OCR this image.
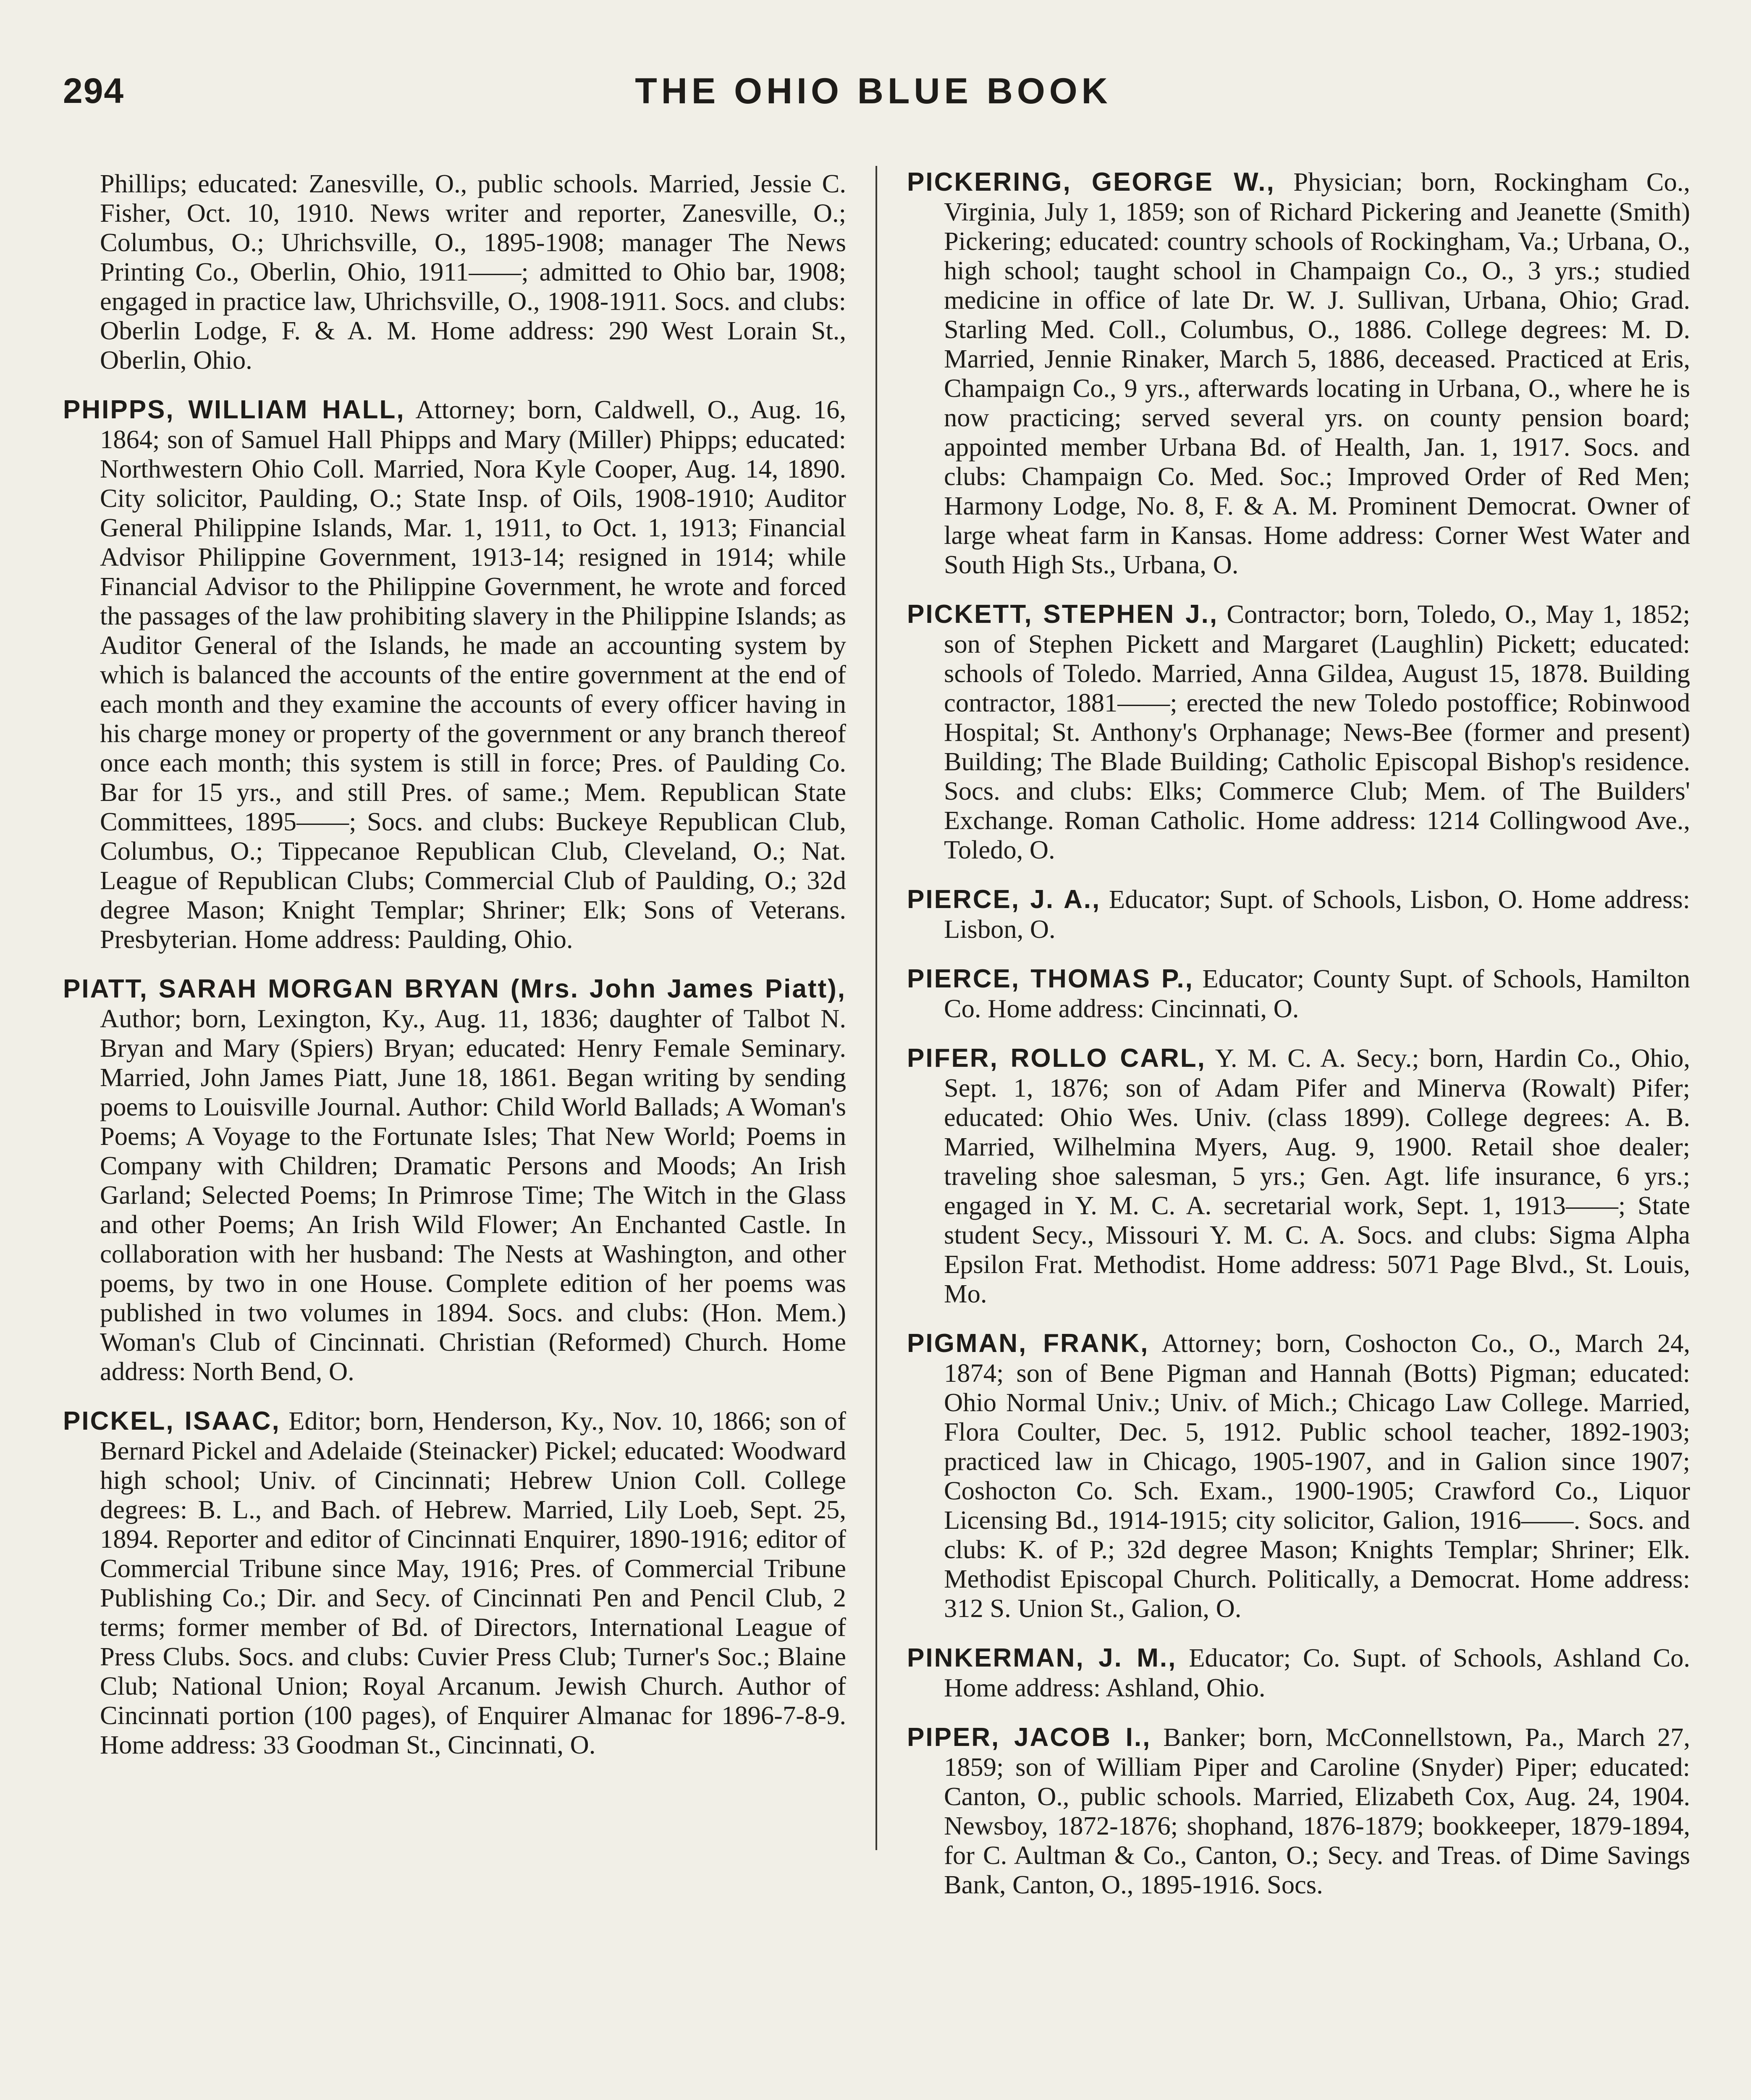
294	THE OHIO BLUE BOOK

Phillips; educated: Zanesville, O., public schools. Married, Jessie C. Fisher, Oct. 10, 1910. News writer and reporter, Zanesville, O.; Columbus, O.; Uhrichsville, O., 1895-1908; manager The News Printing Co., Oberlin, Ohio, 1911——; admitted to Ohio bar, 1908; engaged in practice law, Uhrichsville, O., 1908-1911. Socs. and clubs: Oberlin Lodge, F. & A. M. Home address: 290 West Lorain St., Oberlin, Ohio.

PHIPPS, WILLIAM HALL, Attorney; born, Caldwell, O., Aug. 16, 1864; son of Samuel Hall Phipps and Mary (Miller) Phipps; educated: Northwestern Ohio Coll. Married, Nora Kyle Cooper, Aug. 14, 1890. City solicitor, Paulding, O.; State Insp. of Oils, 1908-1910; Auditor General Philippine Islands, Mar. 1, 1911, to Oct. 1, 1913; Financial Advisor Philippine Government, 1913-14; resigned in 1914; while Financial Advisor to the Philippine Government, he wrote and forced the passages of the law prohibiting slavery in the Philippine Islands; as Auditor General of the Islands, he made an accounting system by which is balanced the accounts of the entire government at the end of each month and they examine the accounts of every officer having in his charge money or property of the government or any branch thereof once each month; this system is still in force; Pres. of Paulding Co. Bar for 15 yrs., and still Pres. of same.; Mem. Republican State Committees, 1895——; Socs. and clubs: Buckeye Republican Club, Columbus, O.; Tippecanoe Republican Club, Cleveland, O.; Nat. League of Republican Clubs; Commercial Club of Paulding, O.; 32d degree Mason; Knight Templar; Shriner; Elk; Sons of Veterans. Presbyterian. Home address: Paulding, Ohio.

PIATT, SARAH MORGAN BRYAN (Mrs. John James Piatt), Author; born, Lexington, Ky., Aug. 11, 1836; daughter of Talbot N. Bryan and Mary (Spiers) Bryan; educated: Henry Female Seminary. Married, John James Piatt, June 18, 1861. Began writing by sending poems to Louisville Journal. Author: Child World Ballads; A Woman's Poems; A Voyage to the Fortunate Isles; That New World; Poems in Company with Children; Dramatic Persons and Moods; An Irish Garland; Selected Poems; In Primrose Time; The Witch in the Glass and other Poems; An Irish Wild Flower; An Enchanted Castle. In collaboration with her husband: The Nests at Washington, and other poems, by two in one House. Complete edition of her poems was published in two volumes in 1894. Socs. and clubs: (Hon. Mem.) Woman's Club of Cincinnati. Christian (Reformed) Church. Home address: North Bend, O.

PICKEL, ISAAC, Editor; born, Henderson, Ky., Nov. 10, 1866; son of Bernard Pickel and Adelaide (Steinacker) Pickel; educated: Woodward high school; Univ. of Cincinnati; Hebrew Union Coll. College degrees: B. L., and Bach. of Hebrew. Married, Lily Loeb, Sept. 25, 1894. Reporter and editor of Cincinnati Enquirer, 1890-1916; editor of Commercial Tribune since May, 1916; Pres. of Commercial Tribune Publishing Co.; Dir. and Secy. of Cincinnati Pen and Pencil Club, 2 terms; former member of Bd. of Directors, International League of Press Clubs. Socs. and clubs: Cuvier Press Club; Turner's Soc.; Blaine Club; National Union; Royal Arcanum. Jewish Church. Author of Cincinnati portion (100 pages), of Enquirer Almanac for 1896-7-8-9. Home address: 33 Goodman St., Cincinnati, O.

PICKERING, GEORGE W., Physician; born, Rockingham Co., Virginia, July 1, 1859; son of Richard Pickering and Jeanette (Smith) Pickering; educated: country schools of Rockingham, Va.; Urbana, O., high school; taught school in Champaign Co., O., 3 yrs.; studied medicine in office of late Dr. W. J. Sullivan, Urbana, Ohio; Grad. Starling Med. Coll., Columbus, O., 1886. College degrees: M. D. Married, Jennie Rinaker, March 5, 1886, deceased. Practiced at Eris, Champaign Co., 9 yrs., afterwards locating in Urbana, O., where he is now practicing; served several yrs. on county pension board; appointed member Urbana Bd. of Health, Jan. 1, 1917. Socs. and clubs: Champaign Co. Med. Soc.; Improved Order of Red Men; Harmony Lodge, No. 8, F. & A. M. Prominent Democrat. Owner of large wheat farm in Kansas. Home address: Corner West Water and South High Sts., Urbana, O.

PICKETT, STEPHEN J., Contractor; born, Toledo, O., May 1, 1852; son of Stephen Pickett and Margaret (Laughlin) Pickett; educated: schools of Toledo. Married, Anna Gildea, August 15, 1878. Building contractor, 1881——; erected the new Toledo postoffice; Robinwood Hospital; St. Anthony's Orphanage; News-Bee (former and present) Building; The Blade Building; Catholic Episcopal Bishop's residence. Socs. and clubs: Elks; Commerce Club; Mem. of The Builders' Exchange. Roman Catholic. Home address: 1214 Collingwood Ave., Toledo, O.

PIERCE, J. A., Educator; Supt. of Schools, Lisbon, O. Home address: Lisbon, O.

PIERCE, THOMAS P., Educator; County Supt. of Schools, Hamilton Co. Home address: Cincinnati, O.

PIFER, ROLLO CARL, Y. M. C. A. Secy.; born, Hardin Co., Ohio, Sept. 1, 1876; son of Adam Pifer and Minerva (Rowalt) Pifer; educated: Ohio Wes. Univ. (class 1899). College degrees: A. B. Married, Wilhelmina Myers, Aug. 9, 1900. Retail shoe dealer; traveling shoe salesman, 5 yrs.; Gen. Agt. life insurance, 6 yrs.; engaged in Y. M. C. A. secretarial work, Sept. 1, 1913——; State student Secy., Missouri Y. M. C. A. Socs. and clubs: Sigma Alpha Epsilon Frat. Methodist. Home address: 5071 Page Blvd., St. Louis, Mo.

PIGMAN, FRANK, Attorney; born, Coshocton Co., O., March 24, 1874; son of Bene Pigman and Hannah (Botts) Pigman; educated: Ohio Normal Univ.; Univ. of Mich.; Chicago Law College. Married, Flora Coulter, Dec. 5, 1912. Public school teacher, 1892-1903; practiced law in Chicago, 1905-1907, and in Galion since 1907; Coshocton Co. Sch. Exam., 1900-1905; Crawford Co., Liquor Licensing Bd., 1914-1915; city solicitor, Galion, 1916——. Socs. and clubs: K. of P.; 32d degree Mason; Knights Templar; Shriner; Elk. Methodist Episcopal Church. Politically, a Democrat. Home address: 312 S. Union St., Galion, O.

PINKERMAN, J. M., Educator; Co. Supt. of Schools, Ashland Co. Home address: Ashland, Ohio.

PIPER, JACOB I., Banker; born, McConnellstown, Pa., March 27, 1859; son of William Piper and Caroline (Snyder) Piper; educated: Canton, O., public schools. Married, Elizabeth Cox, Aug. 24, 1904. Newsboy, 1872-1876; shophand, 1876-1879; bookkeeper, 1879-1894, for C. Aultman & Co., Canton, O.; Secy. and Treas. of Dime Savings Bank, Canton, O., 1895-1916. Socs.
